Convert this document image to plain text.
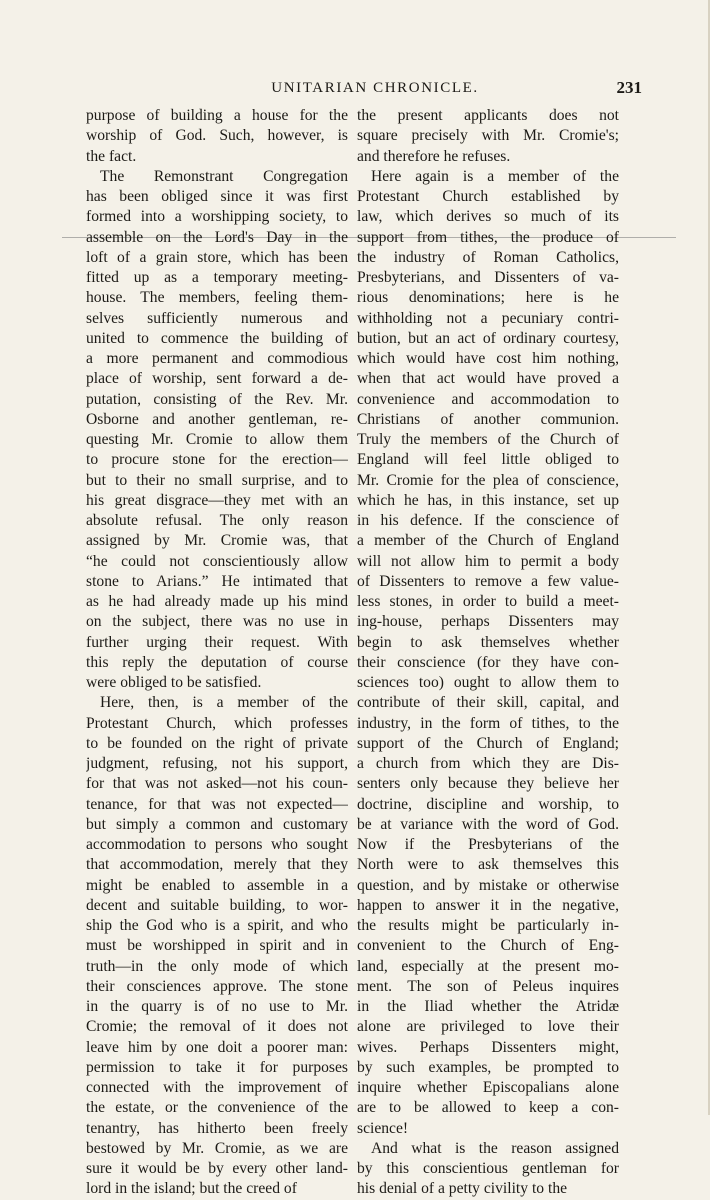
UNITARIAN CHRONICLE.	231
purpose of building a house for the
worship of God. Such, however, is
the fact.
The Remonstrant Congregation
has been obliged since it was first
formed into a worshipping society, to
assemble on the Lord's Day in the
loft of a grain store, which has been
fitted up as a temporary meeting-
house. The members, feeling them-
selves sufficiently numerous and
united to commence the building of
a more permanent and commodious
place of worship, sent forward a de-
putation, consisting of the Rev. Mr.
Osborne and another gentleman, re-
questing Mr. Cromie to allow them
to procure stone for the erection—
but to their no small surprise, and to
his great disgrace—they met with an
absolute refusal. The only reason
assigned by Mr. Cromie was, that
“he could not conscientiously allow
stone to Arians.” He intimated that
as he had already made up his mind
on the subject, there was no use in
further urging their request. With
this reply the deputation of course
were obliged to be satisfied.
Here, then, is a member of the
Protestant Church, which professes
to be founded on the right of private
judgment, refusing, not his support,
for that was not asked—not his coun-
tenance, for that was not expected—
but simply a common and customary
accommodation to persons who sought
that accommodation, merely that they
might be enabled to assemble in a
decent and suitable building, to wor-
ship the God who is a spirit, and who
must be worshipped in spirit and in
truth—in the only mode of which
their consciences approve. The stone
in the quarry is of no use to Mr.
Cromie; the removal of it does not
leave him by one doit a poorer man:
permission to take it for purposes
connected with the improvement of
the estate, or the convenience of the
tenantry, has hitherto been freely
bestowed by Mr. Cromie, as we are
sure it would be by every other land-
lord in the island; but the creed of
the present applicants does not
square precisely with Mr. Cromie's;
and therefore he refuses.
Here again is a member of the
Protestant Church established by
law, which derives so much of its
support from tithes, the produce of
the industry of Roman Catholics,
Presbyterians, and Dissenters of va-
rious denominations; here is he
withholding not a pecuniary contri-
bution, but an act of ordinary courtesy,
which would have cost him nothing,
when that act would have proved a
convenience and accommodation to
Christians of another communion.
Truly the members of the Church of
England will feel little obliged to
Mr. Cromie for the plea of conscience,
which he has, in this instance, set up
in his defence. If the conscience of
a member of the Church of England
will not allow him to permit a body
of Dissenters to remove a few value-
less stones, in order to build a meet-
ing-house, perhaps Dissenters may
begin to ask themselves whether
their conscience (for they have con-
sciences too) ought to allow them to
contribute of their skill, capital, and
industry, in the form of tithes, to the
support of the Church of England;
a church from which they are Dis-
senters only because they believe her
doctrine, discipline and worship, to
be at variance with the word of God.
Now if the Presbyterians of the
North were to ask themselves this
question, and by mistake or otherwise
happen to answer it in the negative,
the results might be particularly in-
convenient to the Church of Eng-
land, especially at the present mo-
ment. The son of Peleus inquires
in the Iliad whether the Atridæ
alone are privileged to love their
wives. Perhaps Dissenters might,
by such examples, be prompted to
inquire whether Episcopalians alone
are to be allowed to keep a con-
science!
And what is the reason assigned
by this conscientious gentleman for
his denial of a petty civility to the
